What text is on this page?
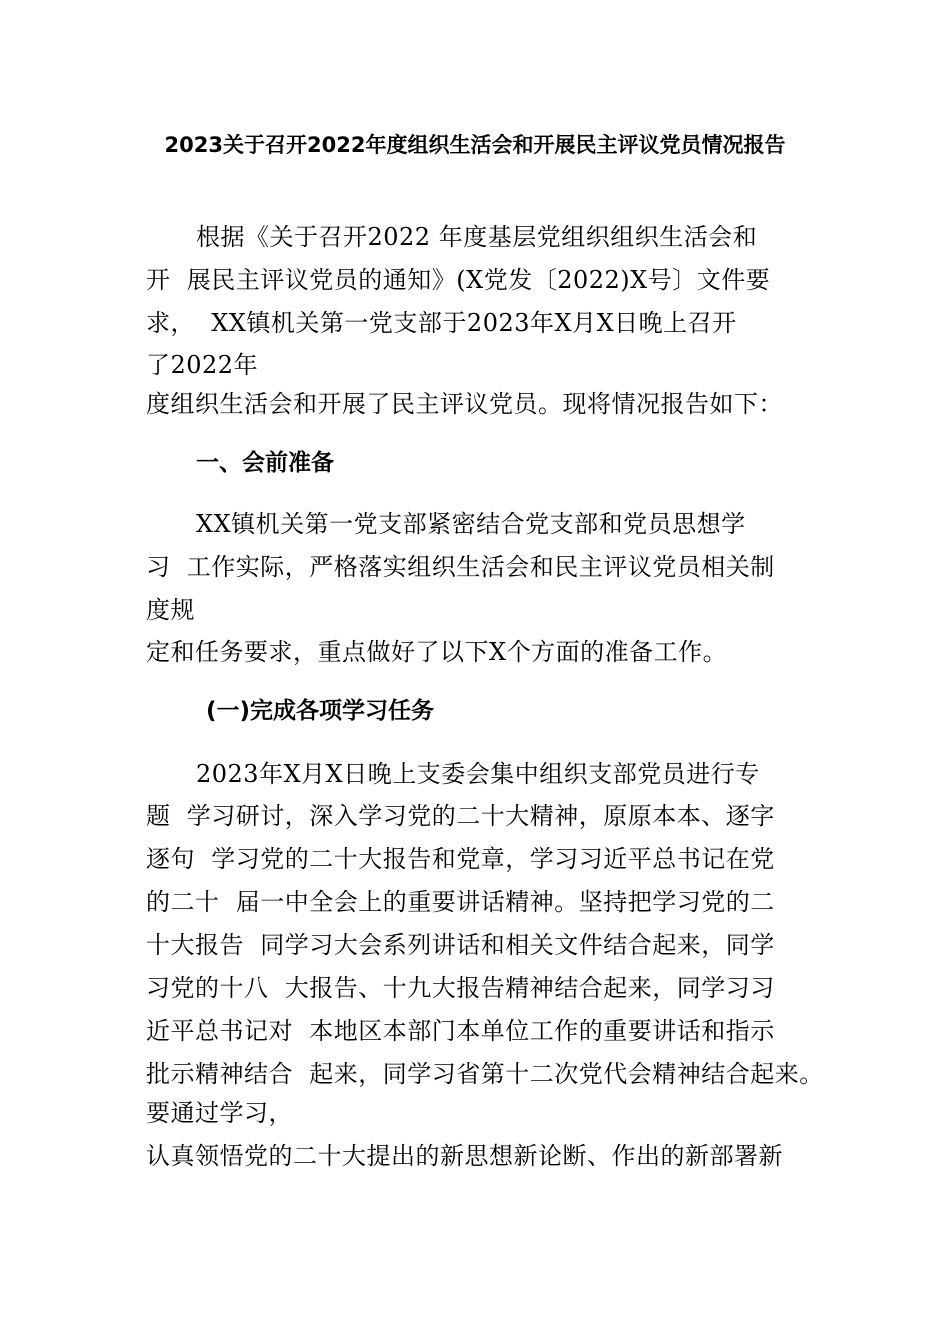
2023关于召开2022年度组织生活会和开展民主评议党员情况报告
根据《关于召开2022 年度基层党组织组织生活会和
开  展民主评议党员的通知》(X党发〔2022)X号〕文件要
求，  XX镇机关第一党支部于2023年X月X日晚上召开
了2022年
度组织生活会和开展了民主评议党员。现将情况报告如下：
一、会前准备
XX镇机关第一党支部紧密结合党支部和党员思想学
习  工作实际，严格落实组织生活会和民主评议党员相关制
度规
定和任务要求，重点做好了以下X个方面的准备工作。
(一)完成各项学习任务
2023年X月X日晚上支委会集中组织支部党员进行专
题  学习研讨，深入学习党的二十大精神，原原本本、逐字
逐句  学习党的二十大报告和党章，学习习近平总书记在党
的二十  届一中全会上的重要讲话精神。坚持把学习党的二
十大报告  同学习大会系列讲话和相关文件结合起来，同学
习党的十八  大报告、十九大报告精神结合起来，同学习习
近平总书记对  本地区本部门本单位工作的重要讲话和指示
批示精神结合  起来，同学习省第十二次党代会精神结合起来。
要通过学习，
认真领悟党的二十大提出的新思想新论断、作出的新部署新
